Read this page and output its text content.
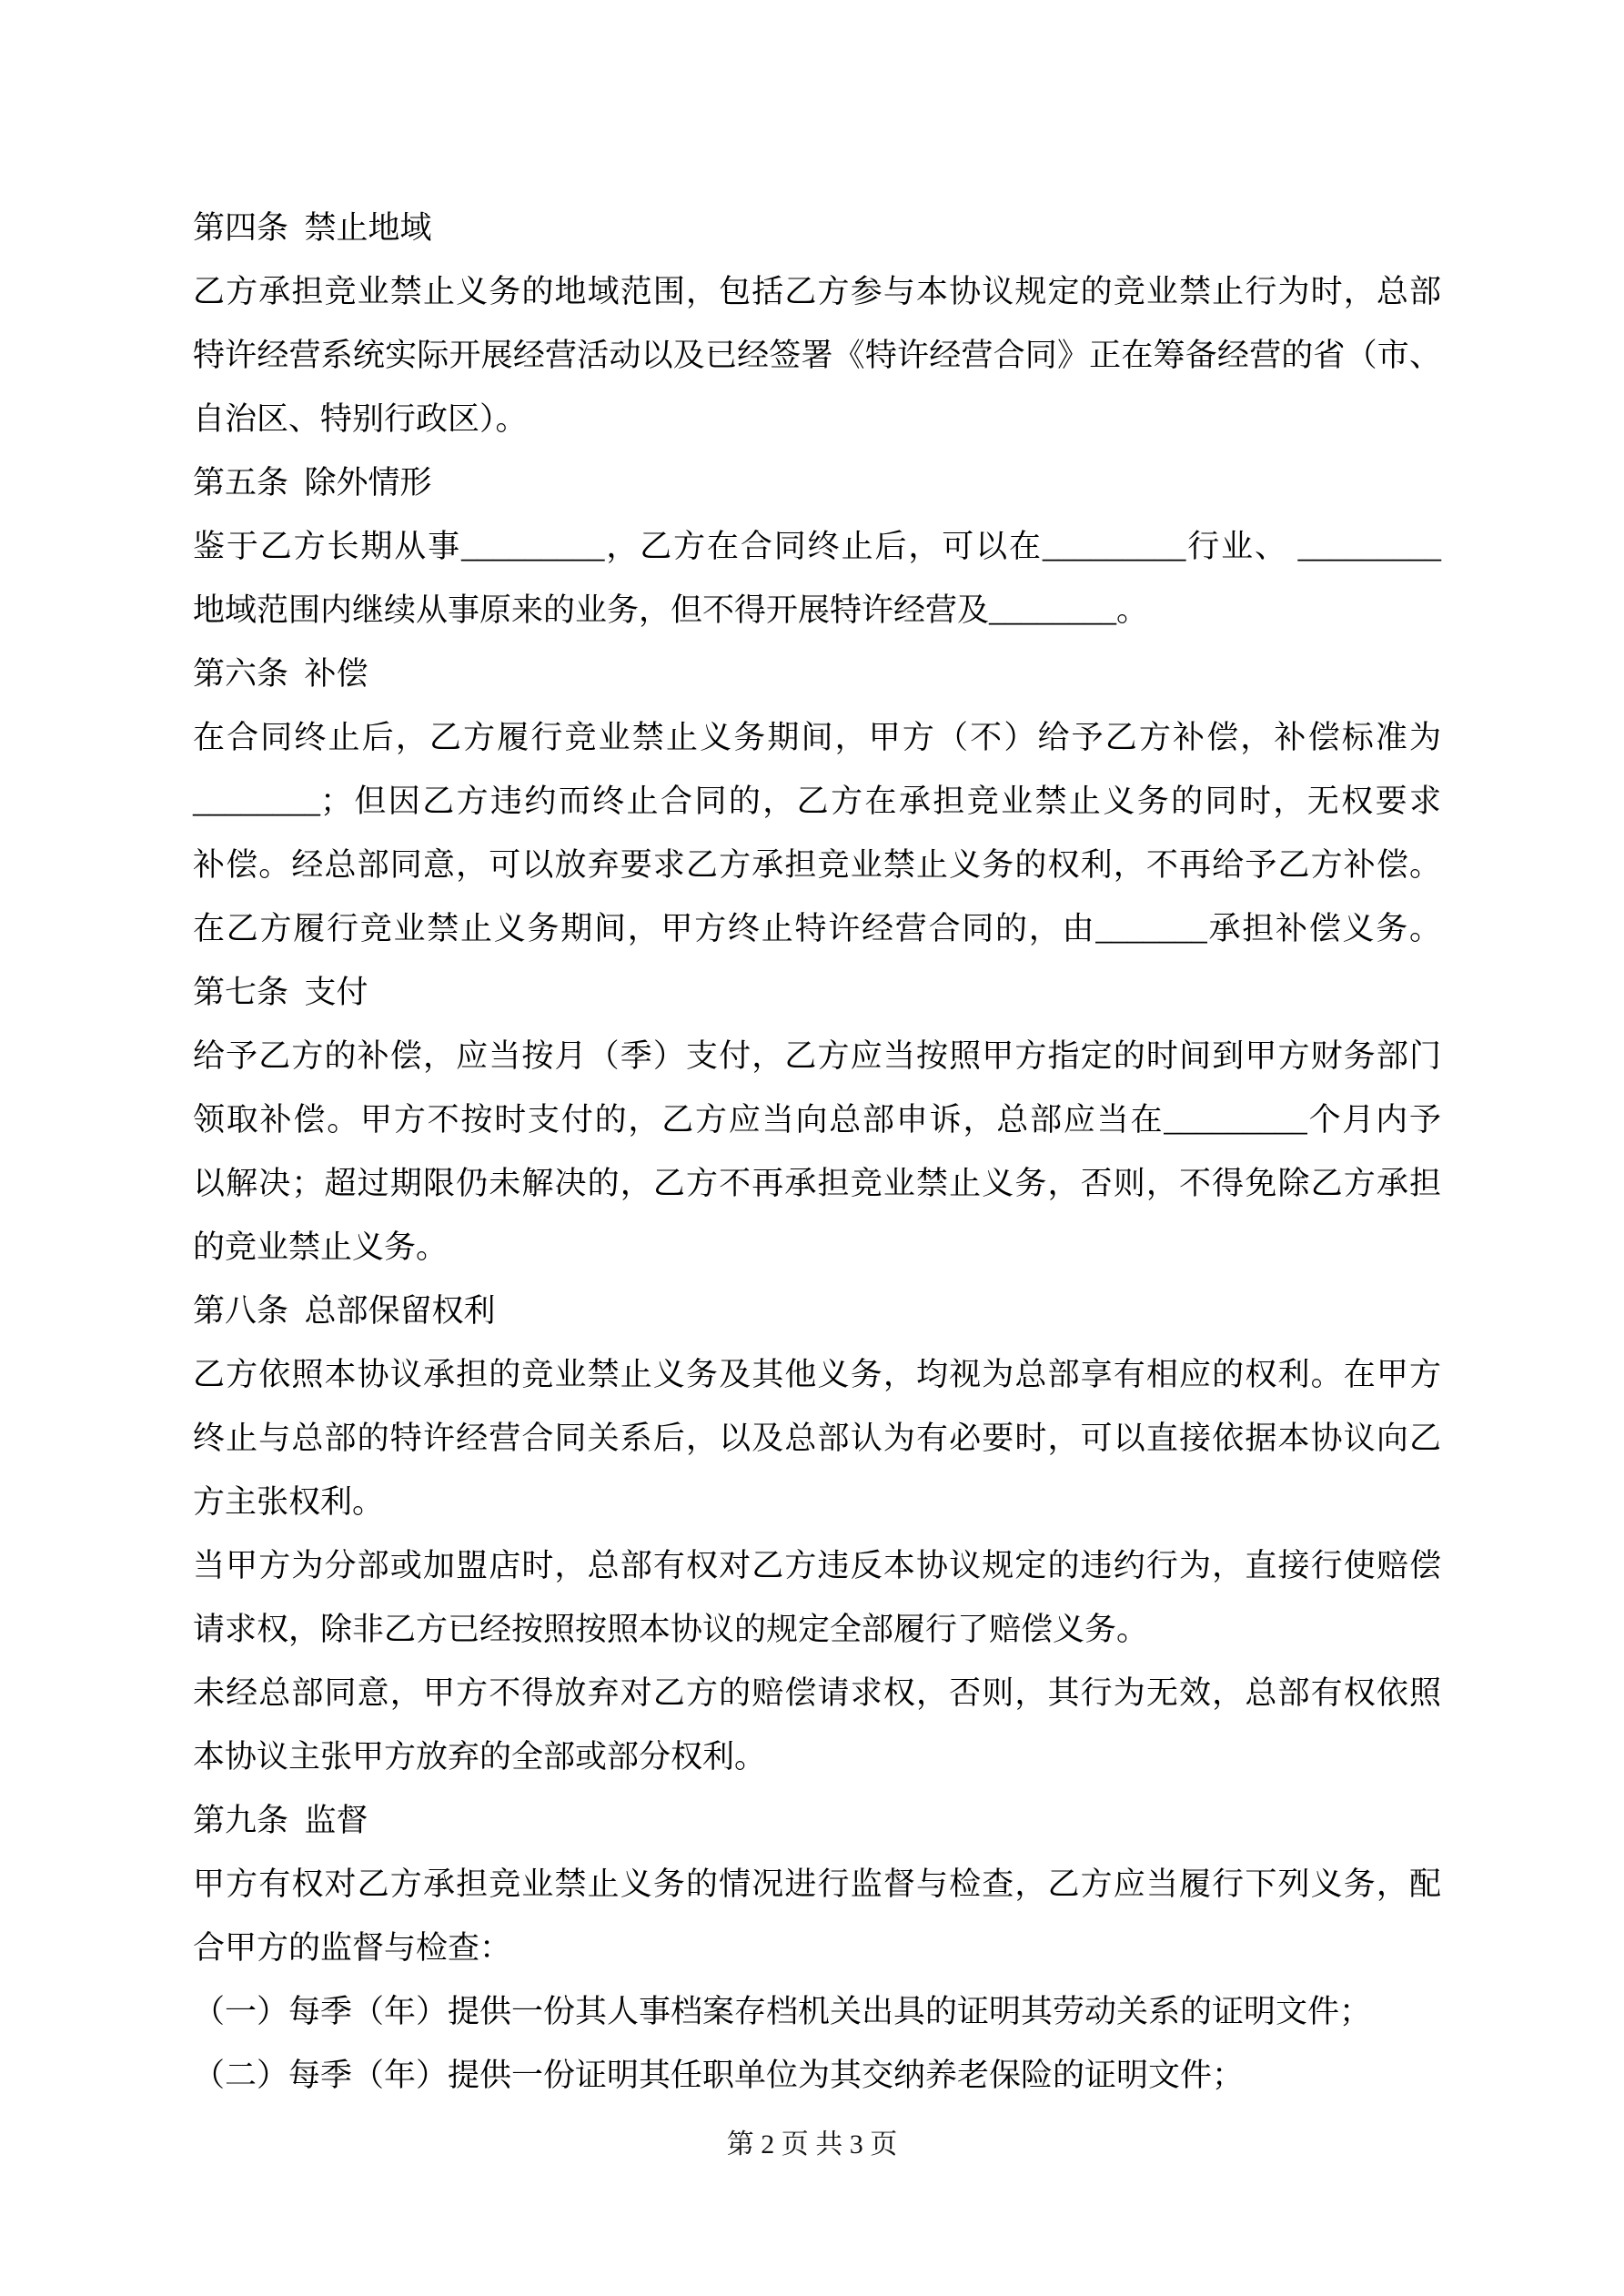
第四条 禁止地域
乙方承担竞业禁止义务的地域范围，包括乙方参与本协议规定的竞业禁止行为时，总部
特许经营系统实际开展经营活动以及已经签署《特许经营合同》正在筹备经营的省（市、
自治区、特别行政区）。
第五条 除外情形
鉴于乙方长期从事_________，乙方在合同终止后，可以在_________行业、 _________
地域范围内继续从事原来的业务，但不得开展特许经营及________。
第六条 补偿
在合同终止后，乙方履行竞业禁止义务期间，甲方（不）给予乙方补偿，补偿标准为
________；但因乙方违约而终止合同的，乙方在承担竞业禁止义务的同时，无权要求
补偿。经总部同意，可以放弃要求乙方承担竞业禁止义务的权利，不再给予乙方补偿。
在乙方履行竞业禁止义务期间，甲方终止特许经营合同的，由_______承担补偿义务。
第七条 支付
给予乙方的补偿，应当按月（季）支付，乙方应当按照甲方指定的时间到甲方财务部门
领取补偿。甲方不按时支付的，乙方应当向总部申诉，总部应当在_________个月内予
以解决；超过期限仍未解决的，乙方不再承担竞业禁止义务，否则，不得免除乙方承担
的竞业禁止义务。
第八条 总部保留权利
乙方依照本协议承担的竞业禁止义务及其他义务，均视为总部享有相应的权利。在甲方
终止与总部的特许经营合同关系后，以及总部认为有必要时，可以直接依据本协议向乙
方主张权利。
当甲方为分部或加盟店时，总部有权对乙方违反本协议规定的违约行为，直接行使赔偿
请求权，除非乙方已经按照按照本协议的规定全部履行了赔偿义务。
未经总部同意，甲方不得放弃对乙方的赔偿请求权，否则，其行为无效，总部有权依照
本协议主张甲方放弃的全部或部分权利。
第九条 监督
甲方有权对乙方承担竞业禁止义务的情况进行监督与检查，乙方应当履行下列义务，配
合甲方的监督与检查：
（一）每季（年）提供一份其人事档案存档机关出具的证明其劳动关系的证明文件；
（二）每季（年）提供一份证明其任职单位为其交纳养老保险的证明文件；
第 2 页 共 3 页
